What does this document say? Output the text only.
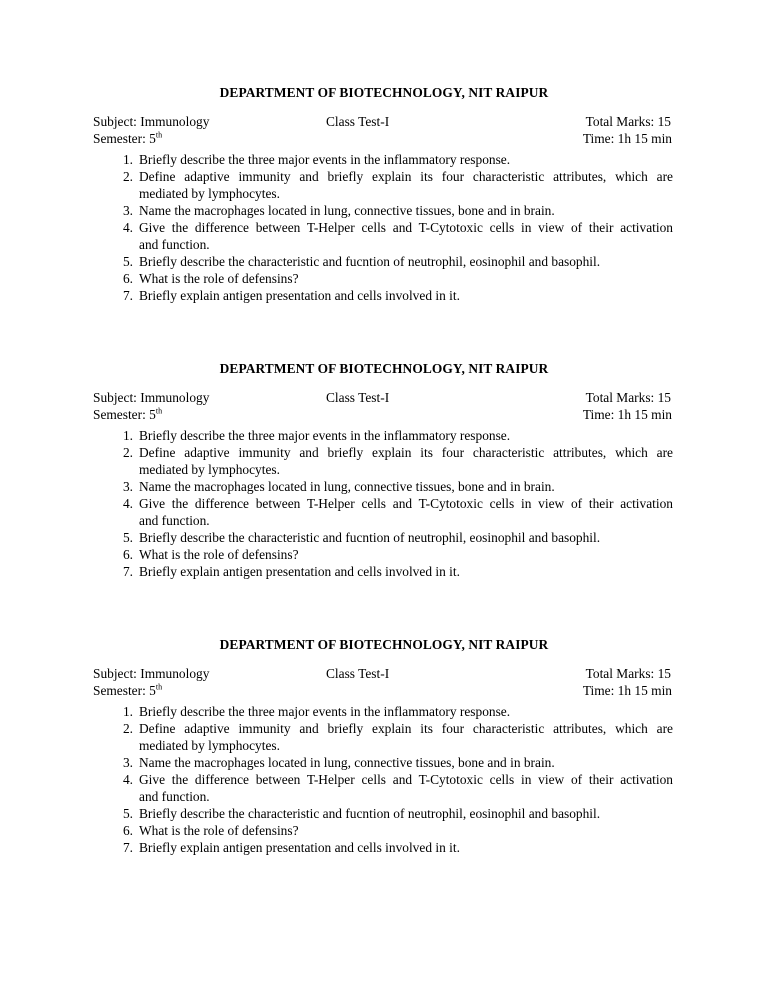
DEPARTMENT OF BIOTECHNOLOGY, NIT RAIPUR
Subject: Immunology
Semester: 5th
Class Test-I	Total Marks: 15
Time: 1h 15 min
1. Briefly describe the three major events in the inflammatory response.
2. Define adaptive immunity and briefly explain its four characteristic attributes, which are
mediated by lymphocytes.
3. Name the macrophages located in lung, connective tissues, bone and in brain.
4. Give the difference between T-Helper cells and T-Cytotoxic cells in view of their activation
and function.
5. Briefly describe the characteristic and fucntion of neutrophil, eosinophil and basophil.
6. What is the role of defensins?
7. Briefly explain antigen presentation and cells involved in it.
DEPARTMENT OF BIOTECHNOLOGY, NIT RAIPUR
Subject: Immunology
Semester: 5th
Class Test-I	Total Marks: 15
Time: 1h 15 min
1. Briefly describe the three major events in the inflammatory response.
2. Define adaptive immunity and briefly explain its four characteristic attributes, which are
mediated by lymphocytes.
3. Name the macrophages located in lung, connective tissues, bone and in brain.
4. Give the difference between T-Helper cells and T-Cytotoxic cells in view of their activation
and function.
5. Briefly describe the characteristic and fucntion of neutrophil, eosinophil and basophil.
6. What is the role of defensins?
7. Briefly explain antigen presentation and cells involved in it.
DEPARTMENT OF BIOTECHNOLOGY, NIT RAIPUR
Subject: Immunology
Semester: 5th
Class Test-I	Total Marks: 15
Time: 1h 15 min
1. Briefly describe the three major events in the inflammatory response.
2. Define adaptive immunity and briefly explain its four characteristic attributes, which are
mediated by lymphocytes.
3. Name the macrophages located in lung, connective tissues, bone and in brain.
4. Give the difference between T-Helper cells and T-Cytotoxic cells in view of their activation
and function.
5. Briefly describe the characteristic and fucntion of neutrophil, eosinophil and basophil.
6. What is the role of defensins?
7. Briefly explain antigen presentation and cells involved in it.
